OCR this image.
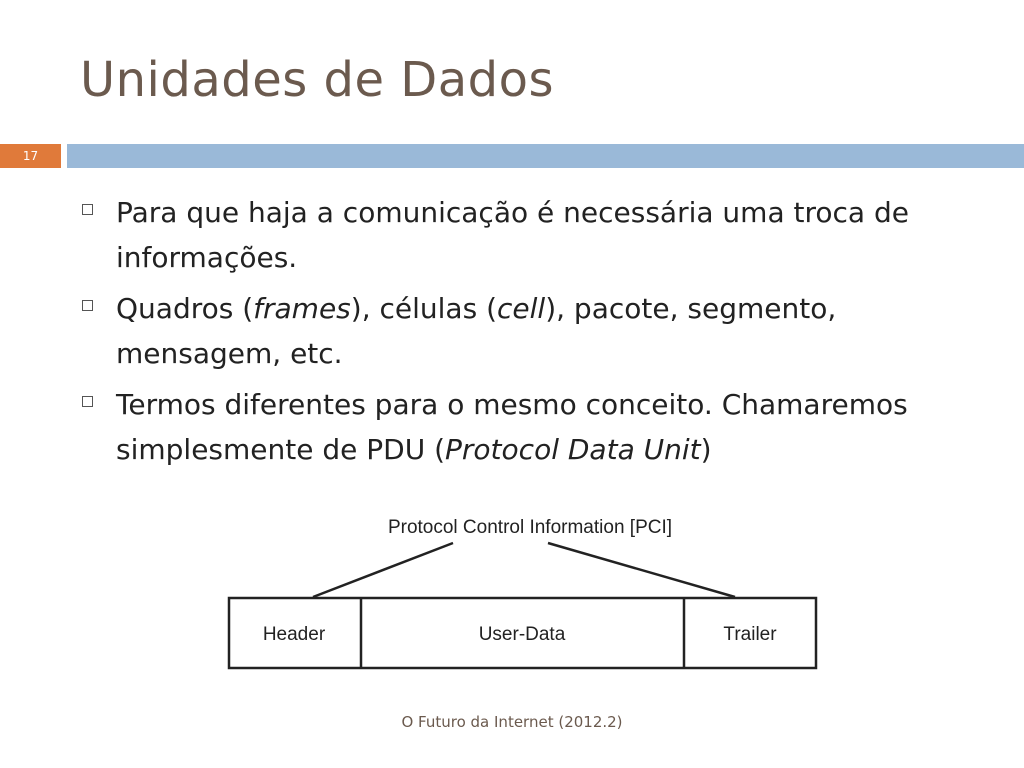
Unidades de Dados
17
Para que haja a comunicação é necessária uma troca de informações.
Quadros (frames), células (cell), pacote, segmento, mensagem, etc.
Termos diferentes para o mesmo conceito. Chamaremos simplesmente de PDU (Protocol Data Unit)
Protocol Control Information [PCI]
Header	User-Data	Trailer
O Futuro da Internet (2012.2)
